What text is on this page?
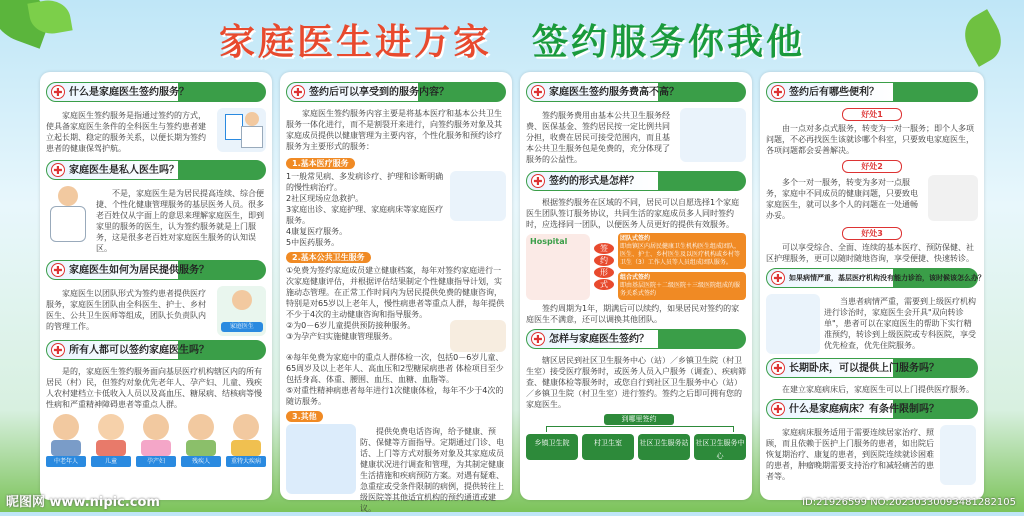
家庭医生进万家 签约服务你我他
✚ 什么是家庭医生签约服务？
家庭医生签约服务是指通过签约的方式，使具备家庭医生条件的全科医生与签约患者建立起长期、稳定的服务关系，以便长期为签约患者的健康保驾护航。
✚ 家庭医生是私人医生吗？
不是，家庭医生是为居民提高连续、综合便捷、个性化健康管理服务的基层医务人员。很多老百姓仅从字面上的意思来理解家庭医生，即到家里的服务的医生，认为签约服务就是上门服务，这是很多老百姓对家庭医生服务的认知误区。
✚ 家庭医生如何为居民提供服务？
家庭医生以团队形式为签约患者提供医疗服务，家庭医生团队由全科医生、护士、乡村医生、公共卫生医师等组成，团队长负责队内的管理工作。	家庭医生
✚ 所有人都可以签约家庭医生吗？
是的，家庭医生签约服务面向基层医疗机构辖区内的所有居民（村）民，但签约对象优先老年人、孕产妇、儿童、残疾人农村建档立卡低收入人员以及高血压、糖尿病、结核病等慢性病和严重精神障碍患者等重点人群。
中老年人	儿童	孕产妇	残疾人	重特大疾病
✚ 签约后可以享受到的服务内容？
家庭医生签约服务内容主要是将基本医疗和基本公共卫生服务一体化进行，而不是割裂开来进行，向签约服务对象及其家庭成员提供以健康管理为主要内容，个性化服务和预约诊疗服务为主要形式的服务：
1.基本医疗服务
1一般常见病、多发病诊疗、护理和诊断明确的慢性病治疗。
2社区现场应急救护。
3家庭出诊、家庭护理、家庭病床等家庭医疗服务。
4康复医疗服务。
5中医药服务。
2.基本公共卫生服务
①免费为签约家庭成员建立健康档案，每年对签约家庭进行一次家庭健康评估，并根据评估结果制定个性健康指导计划，实施动态管理。在正常工作时间内为居民提供免费的健康咨询，特别是对65岁以上老年人，慢性病患者等重点人群，每年提供不少于4次的主动健康咨询和指导服务。
②为0－6岁儿童提供预防接种服务。
③为孕产妇实施健康管理服务。
④每年免费为家庭中的重点人群体检一次，包括0－6岁儿童、65周岁及以上老年人、高血压和2型糖尿病患者 体检项目至少包括身高、体重、腰围、血压、血糖、血脂等。
⑤对重性精神病患者每年进行1次健康体检，每年不少于4次的随访服务。
3.其他
提供免费电话咨询，给予健康、预防、保健等方面指导。定期通过门诊、电话、上门等方式对服务对象及其家庭成员健康状况进行调查和管理，为其制定健康生活措施和疾病预防方案。对遇有疑难、急重症或受条件限制的病例，提供转往上级医院等其他适宜机构的预约通道或建议。
✚ 家庭医生签约服务费高不高？
签约服务费用由基本公共卫生服务经费、医保基金、签约居民按一定比例共同分担，收费在居民可接受范围内，而且基本公共卫生服务包是免费的，充分体现了服务的公益性。
✚ 签约的形式是怎样？
根据签约服务在区域的不同，居民可以自愿选择1个家庭医生团队签订服务协议，共同生活的家庭成员多人同时签约时，应选择同一团队，以便医务人员更好的提供有效服务。
Hospital
签
约
形
式
团队式签约
即由镇区内居民健康卫生机构医生组成团队，医生、护士、乡村医生及以医疗机构或乡村等卫生（3）工作人员等人员组成团队服务。
组合式签约
即由基层医院＋二级医院＋三级医院组成的服务关系式签约
签约周期为1年，期满后可以续约，如果居民对签约的家庭医生不满意，还可以调换其他团队。
✚ 怎样与家庭医生签约？
辖区居民到社区卫生服务中心（站）／乡镇卫生院（村卫生室）接受医疗服务时，或医务人员入户服务（调查）、疾病筛查、健康体检等服务时，或您自行到社区卫生服务中心（站）／乡镇卫生院（村卫生室）进行签约。签约之后即可拥有您的家庭医生。
到哪里签约
乡镇卫生院	村卫生室	社区卫生服务站 社区卫生服务中心
✚ 签约后有哪些便利？
好处1
由一点对多点式服务，转变为一对一服务；即个人多项问题，不必再找医生该就诊哪个科室，只要致电家庭医生，各项问题都会妥善解决。
好处2
多个一对一服务，转变为多对一点服务，家庭中不同成员的健康问题，只要致电家庭医生，就可以多个人的问题在一处通畅办妥。
好处3
可以享受综合、全面、连续的基本医疗、预防保健、社区护理服务，更可以随时随地咨询，享受便捷、快速转诊。
✚ 如果病情严重，基层医疗机构没有能力诊治，该时候该怎么办？
当患者病情严重，需要到上级医疗机构进行诊治时，家庭医生会开具"双向转诊单"，患者可以在家庭医生的帮助下实行精准预约，转诊到上级医院或专科医院，享受优先检查，优先住院服务。
✚ 长期卧床，可以提供上门服务吗？
在建立家庭病床后，家庭医生可以上门提供医疗服务。
✚ 什么是家庭病床？有条件限制吗？
家庭病床服务适用于需要连续居家治疗、照顾，而且依赖于医护上门服务的患者，如出院后恢复期治疗、康复的患者，到医院连续就诊困难的患者，肿瘤晚期需要支持治疗和减轻痛苦的患者等。
昵图网 www.nipic.com	ID:21926599 NO:20230330093481282105
